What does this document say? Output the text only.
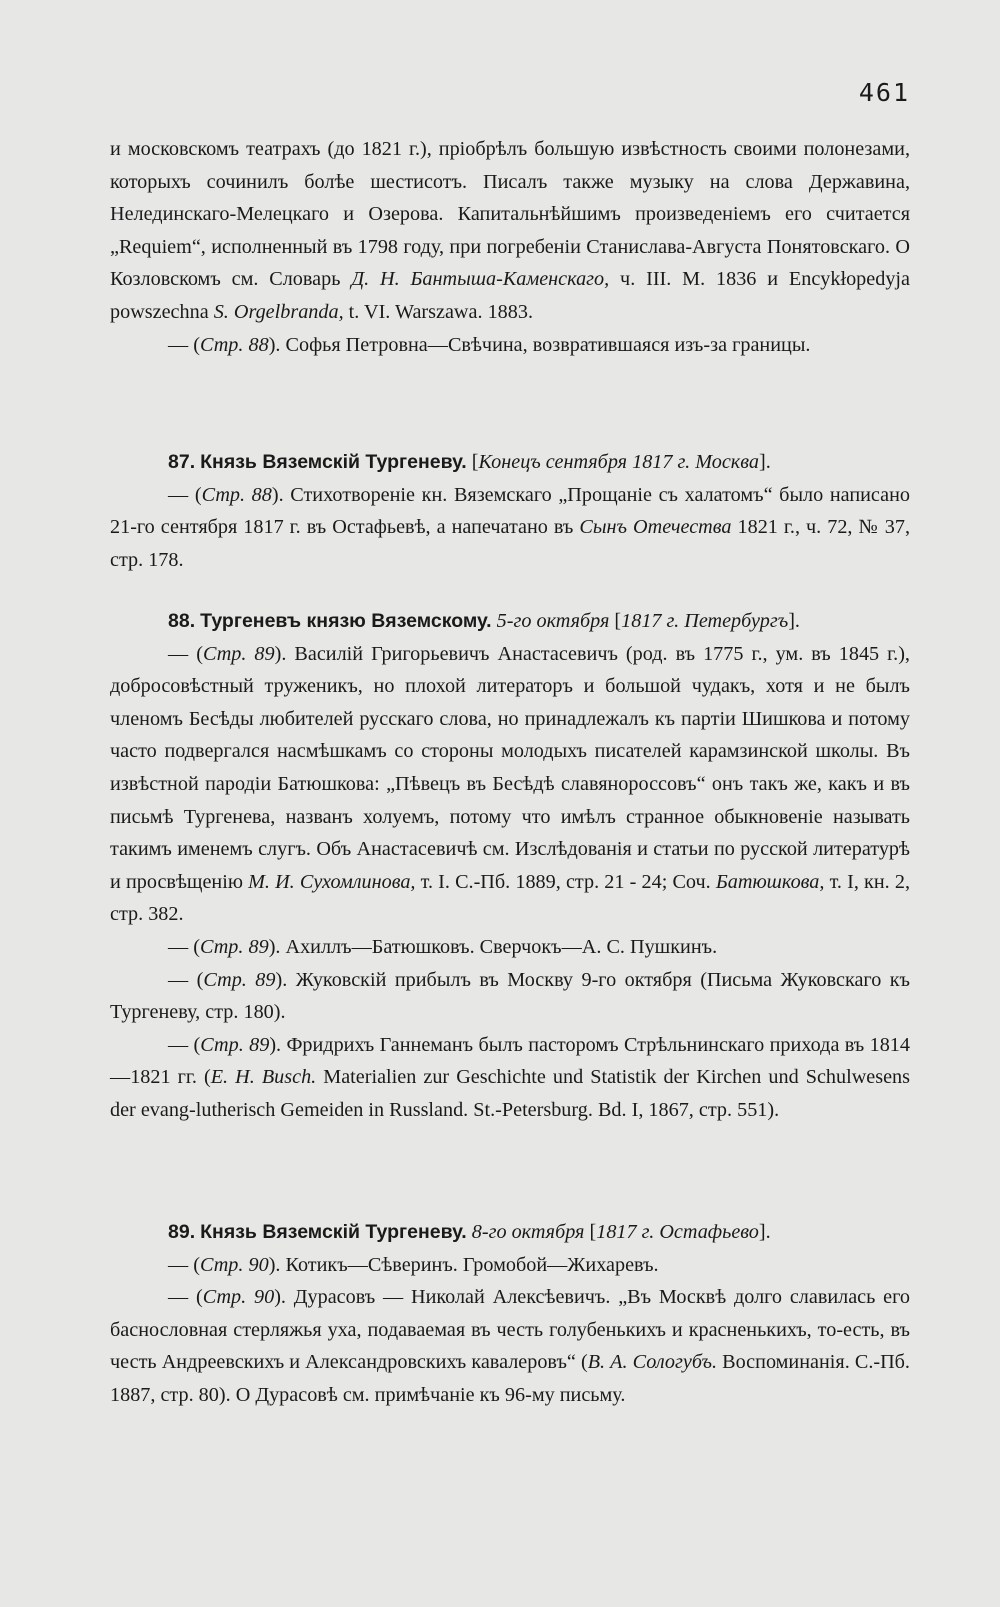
461

и московскомъ театрахъ (до 1821 г.), пріобрѣлъ большую извѣстность своими полонезами, которыхъ сочинилъ болѣе шестисотъ. Писалъ также музыку на слова Державина, Нелединскаго-Мелецкаго и Озерова. Капитальнѣйшимъ произведеніемъ его считается „Requiem“, исполненный въ 1798 году, при погребеніи Станислава-Августа Понятовскаго. О Козловскомъ см. Словарь Д. Н. Бантыша-Каменскаго, ч. III. М. 1836 и Encykłopedyja powszechna S. Orgelbranda, t. VI. Warszawa. 1883.

— (Стр. 88). Софья Петровна—Свѣчина, возвратившаяся изъ-за границы.

87. Князь Вяземскій Тургеневу. [Конецъ сентября 1817 г. Москва].

— (Стр. 88). Стихотвореніе кн. Вяземскаго „Прощаніе съ халатомъ“ было написано 21-го сентября 1817 г. въ Остафьевѣ, а напечатано въ Сынъ Отечества 1821 г., ч. 72, № 37, стр. 178.

88. Тургеневъ князю Вяземскому. 5-го октября [1817 г. Петербургъ].

— (Стр. 89). Василій Григорьевичъ Анастасевичъ (род. въ 1775 г., ум. въ 1845 г.), добросовѣстный труженикъ, но плохой литераторъ и большой чудакъ, хотя и не былъ членомъ Бесѣды любителей русскаго слова, но принадлежалъ къ партіи Шишкова и потому часто подвергался насмѣшкамъ со стороны молодыхъ писателей карамзинской школы. Въ извѣстной пародіи Батюшкова: „Пѣвецъ въ Бесѣдѣ славянороссовъ“ онъ такъ же, какъ и въ письмѣ Тургенева, названъ холуемъ, потому что имѣлъ странное обыкновеніе называть такимъ именемъ слугъ. Объ Анастасевичѣ см. Изслѣдованія и статьи по русской литературѣ и просвѣщенію М. И. Сухомлинова, т. I. С.-Пб. 1889, стр. 21 - 24; Соч. Батюшкова, т. I, кн. 2, стр. 382.

— (Стр. 89). Ахиллъ—Батюшковъ. Сверчокъ—А. С. Пушкинъ.

— (Стр. 89). Жуковскій прибылъ въ Москву 9-го октября (Письма Жуковскаго къ Тургеневу, стр. 180).

— (Стр. 89). Фридрихъ Ганнеманъ былъ пасторомъ Стрѣльнинскаго прихода въ 1814—1821 гг. (E. H. Busch. Materialien zur Geschichte und Statistik der Kirchen und Schulwesens der evang-lutherisch Gemeiden in Russland. St.-Petersburg. Bd. I, 1867, стр. 551).

89. Князь Вяземскій Тургеневу. 8-го октября [1817 г. Остафьево].

— (Стр. 90). Котикъ—Сѣверинъ. Громобой—Жихаревъ.

— (Стр. 90). Дурасовъ — Николай Алексѣевичъ. „Въ Москвѣ долго славилась его баснословная стерляжья уха, подаваемая въ честь голубенькихъ и красненькихъ, то-есть, въ честь Андреевскихъ и Александровскихъ кавалеровъ“ (В. А. Сологубъ. Воспоминанія. С.-Пб. 1887, стр. 80). О Дурасовѣ см. примѣчаніе къ 96-му письму.
